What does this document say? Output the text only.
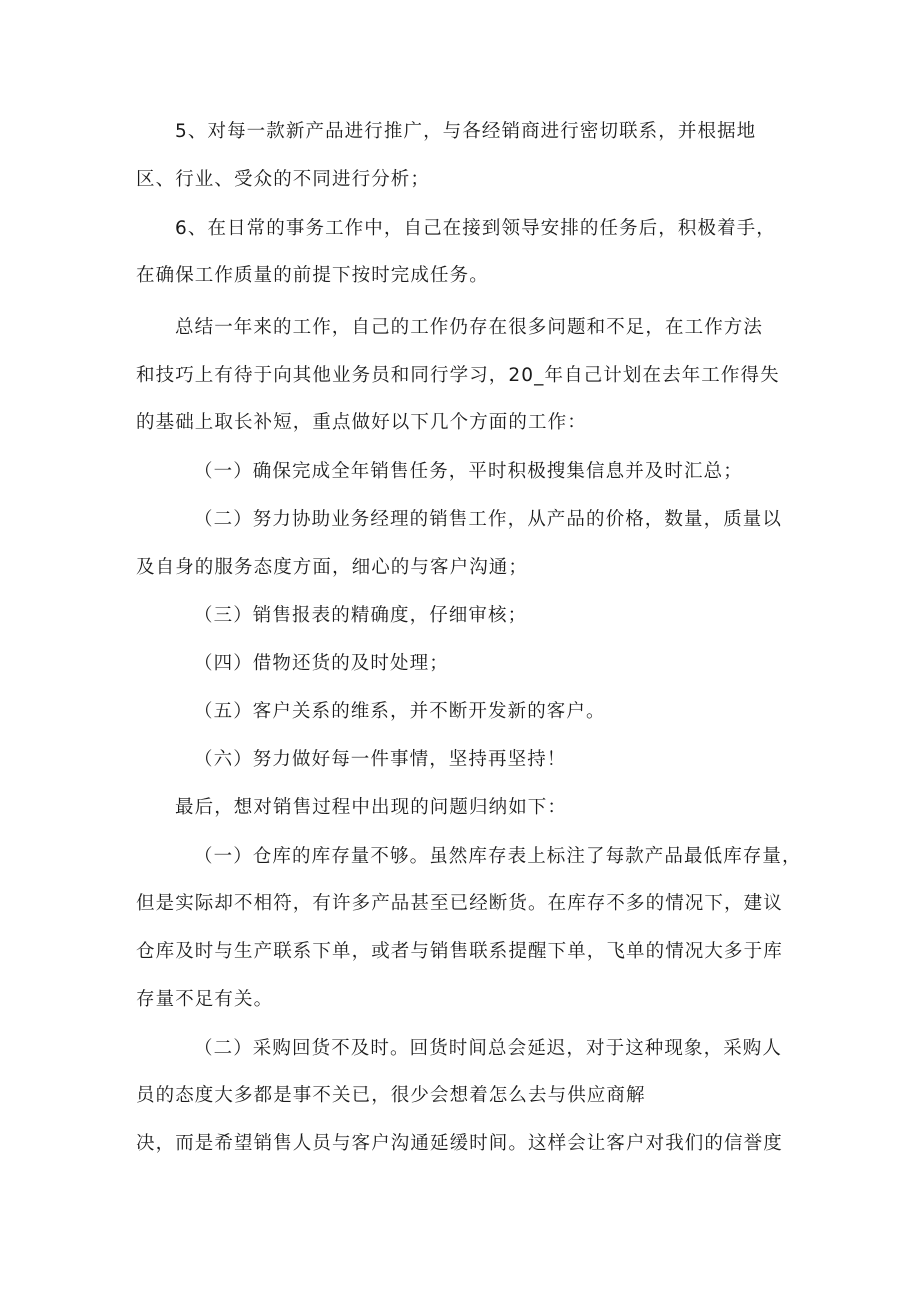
5、对每一款新产品进行推广，与各经销商进行密切联系，并根据地
区、行业、受众的不同进行分析；
6、在日常的事务工作中，自己在接到领导安排的任务后，积极着手，
在确保工作质量的前提下按时完成任务。
总结一年来的工作，自己的工作仍存在很多问题和不足，在工作方法
和技巧上有待于向其他业务员和同行学习，20_年自己计划在去年工作得失
的基础上取长补短，重点做好以下几个方面的工作：
（一）确保完成全年销售任务，平时积极搜集信息并及时汇总；
（二）努力协助业务经理的销售工作，从产品的价格，数量，质量以
及自身的服务态度方面，细心的与客户沟通；
（三）销售报表的精确度，仔细审核；
（四）借物还货的及时处理；
（五）客户关系的维系，并不断开发新的客户。
（六）努力做好每一件事情，坚持再坚持！
最后，想对销售过程中出现的问题归纳如下：
（一）仓库的库存量不够。虽然库存表上标注了每款产品最低库存量，
但是实际却不相符，有许多产品甚至已经断货。在库存不多的情况下，建议
仓库及时与生产联系下单，或者与销售联系提醒下单，飞单的情况大多于库
存量不足有关。
（二）采购回货不及时。回货时间总会延迟，对于这种现象，采购人
员的态度大多都是事不关已，很少会想着怎么去与供应商解
决，而是希望销售人员与客户沟通延缓时间。这样会让客户对我们的信誉度
